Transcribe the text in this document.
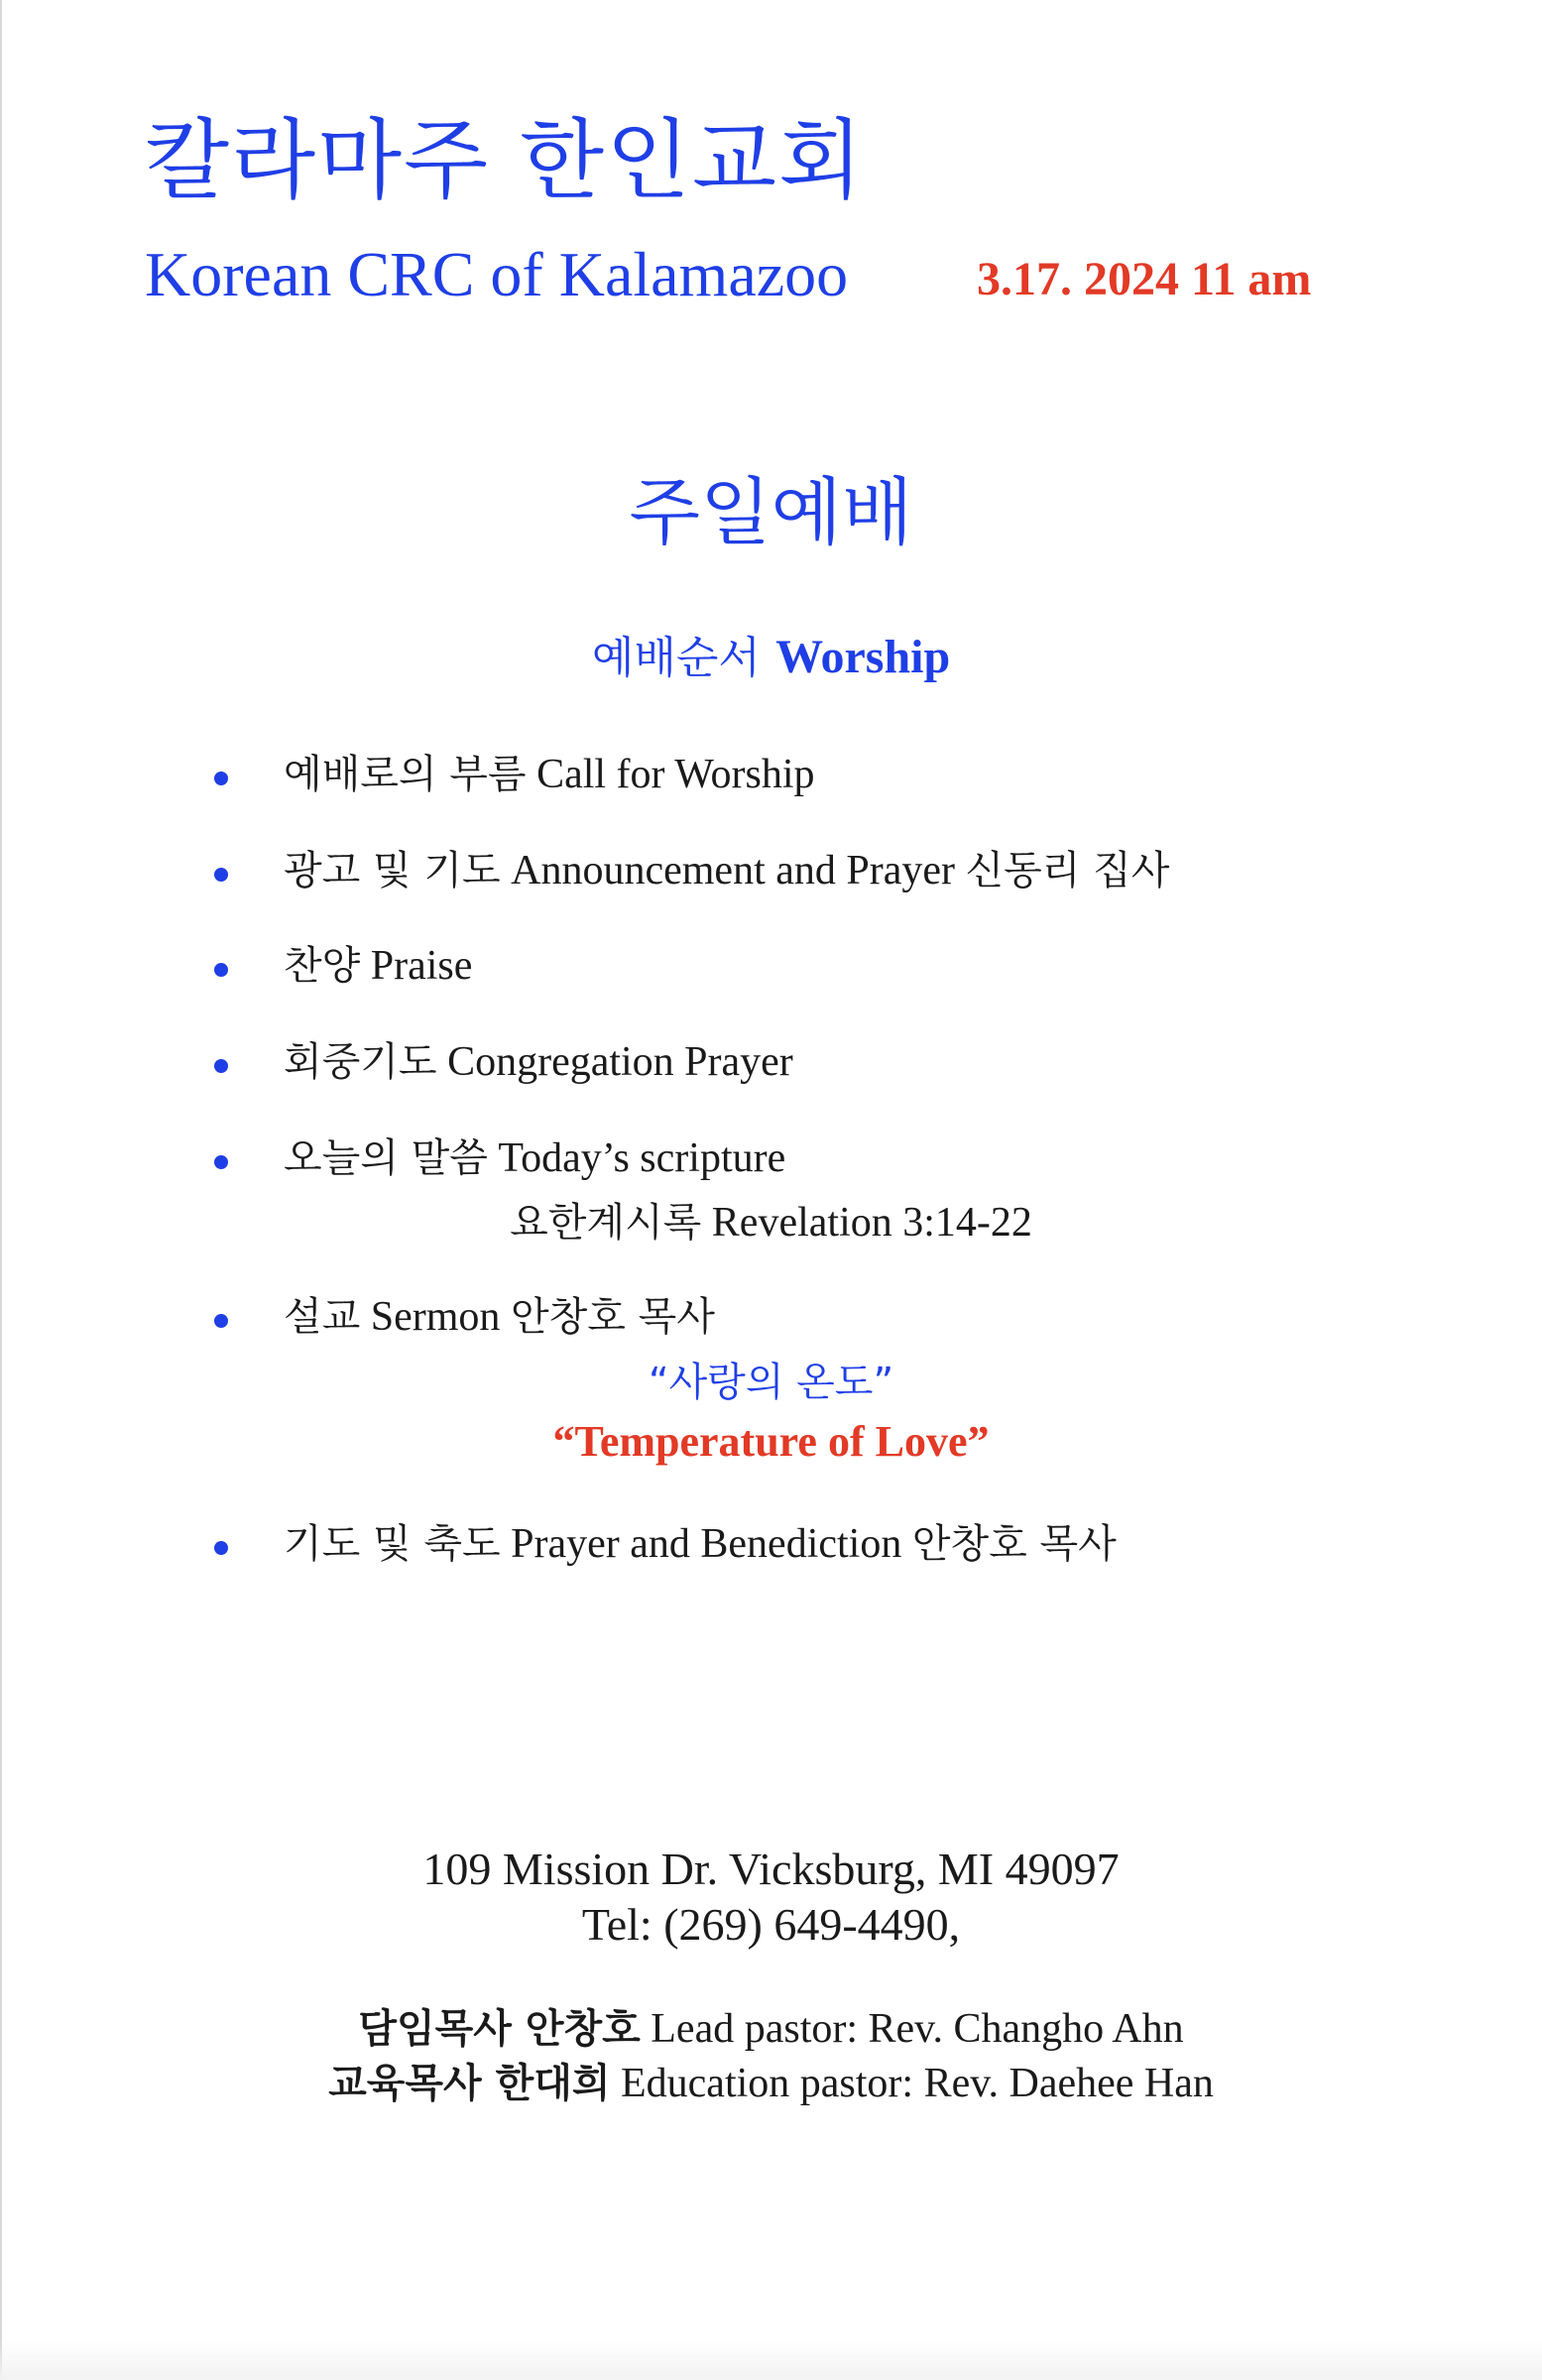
칼라마주 한인교회
Korean CRC of Kalamazoo	3.17. 2024 11 am
주일예배
예배순서 Worship
예배로의 부름 Call for Worship
광고 및 기도 Announcement and Prayer 신동리 집사
찬양 Praise
회중기도 Congregation Prayer
오늘의 말씀 Today’s scripture
요한계시록 Revelation 3:14-22
설교 Sermon 안창호 목사
“사랑의 온도”
“Temperature of Love”
기도 및 축도 Prayer and Benediction 안창호 목사
109 Mission Dr. Vicksburg, MI 49097
Tel: (269) 649-4490,
담임목사 안창호 Lead pastor: Rev. Changho Ahn
교육목사 한대희 Education pastor: Rev. Daehee Han
